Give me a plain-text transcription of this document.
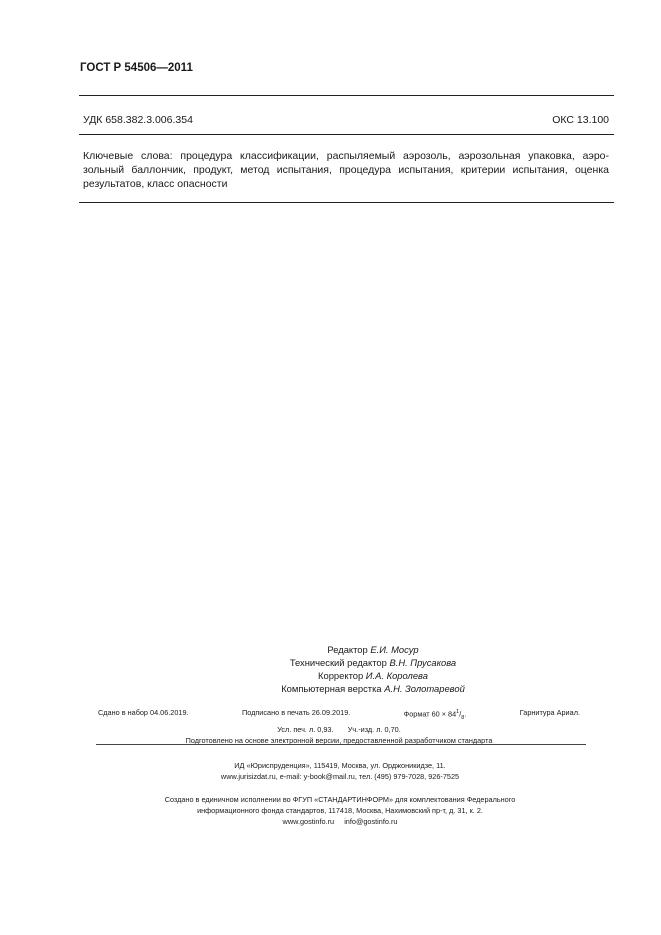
ГОСТ Р 54506—2011
УДК 658.382.3.006.354	ОКС 13.100
Ключевые слова: процедура классификации, распыляемый аэрозоль, аэрозольная упаковка, аэро-
зольный баллончик, продукт, метод испытания, процедура испытания, критерии испытания, оценка
результатов, класс опасности
Редактор Е.И. Мосур
Технический редактор В.Н. Прусакова
Корректор И.А. Королева
Компьютерная верстка А.Н. Золотаревой
Сдано в набор 04.06.2019.	Подписано в печать 26.09.2019.	Формат $60 \times 84^1/_8$.	Гарнитура Ариал.
Усл. печ. л. 0,93. Уч.-изд. л. 0,70.
Подготовлено на основе электронной версии, предоставленной разработчиком стандарта
ИД «Юриспруденция», 115419, Москва, ул. Орджоникидзе, 11.
www.jurisizdat.ru, e-mail: y-book@mail.ru, тел. (495) 979-7028, 926-7525
Создано в единичном исполнении во ФГУП «СТАНДАРТИНФОРМ» для комплектования Федерального
информационного фонда стандартов, 117418, Москва, Нахимовский пр-т, д. 31, к. 2.
www.gostinfo.ru     info@gostinfo.ru
